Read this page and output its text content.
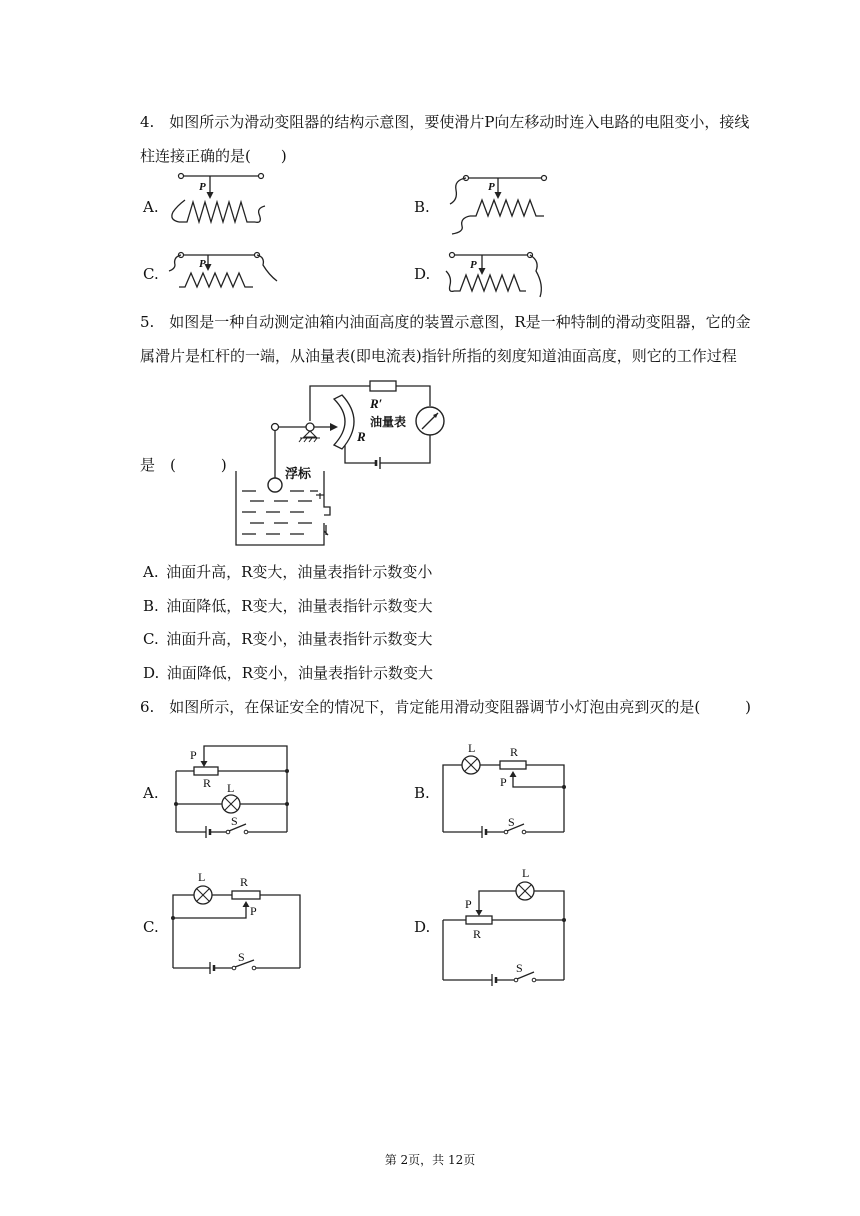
4. 如图所示为滑动变阻器的结构示意图，要使滑片P向左移动时连入电路的电阻变小，接线
柱连接正确的是(  )
A.	B.
C.	D.
P	P
P	P
5. 如图是一种自动测定油箱内油面高度的装置示意图，R是一种特制的滑动变阻器，它的金
属滑片是杠杆的一端，从油量表(即电流表)指针所指的刻度知道油面高度，则它的工作过程
是 (   )
R′
油量表
R
浮标
A. 油面升高，R变大，油量表指针示数变小
B. 油面降低，R变大，油量表指针示数变大
C. 油面升高，R变小，油量表指针示数变大
D. 油面降低，R变小，油量表指针示数变大
6. 如图所示，在保证安全的情况下，肯定能用滑动变阻器调节小灯泡由亮到灭的是(   )
A.	B.
C.	D.
P
R L
S
L	R
P
S
L	R
P
S
L
P
R
S
第 2页，共 12页
